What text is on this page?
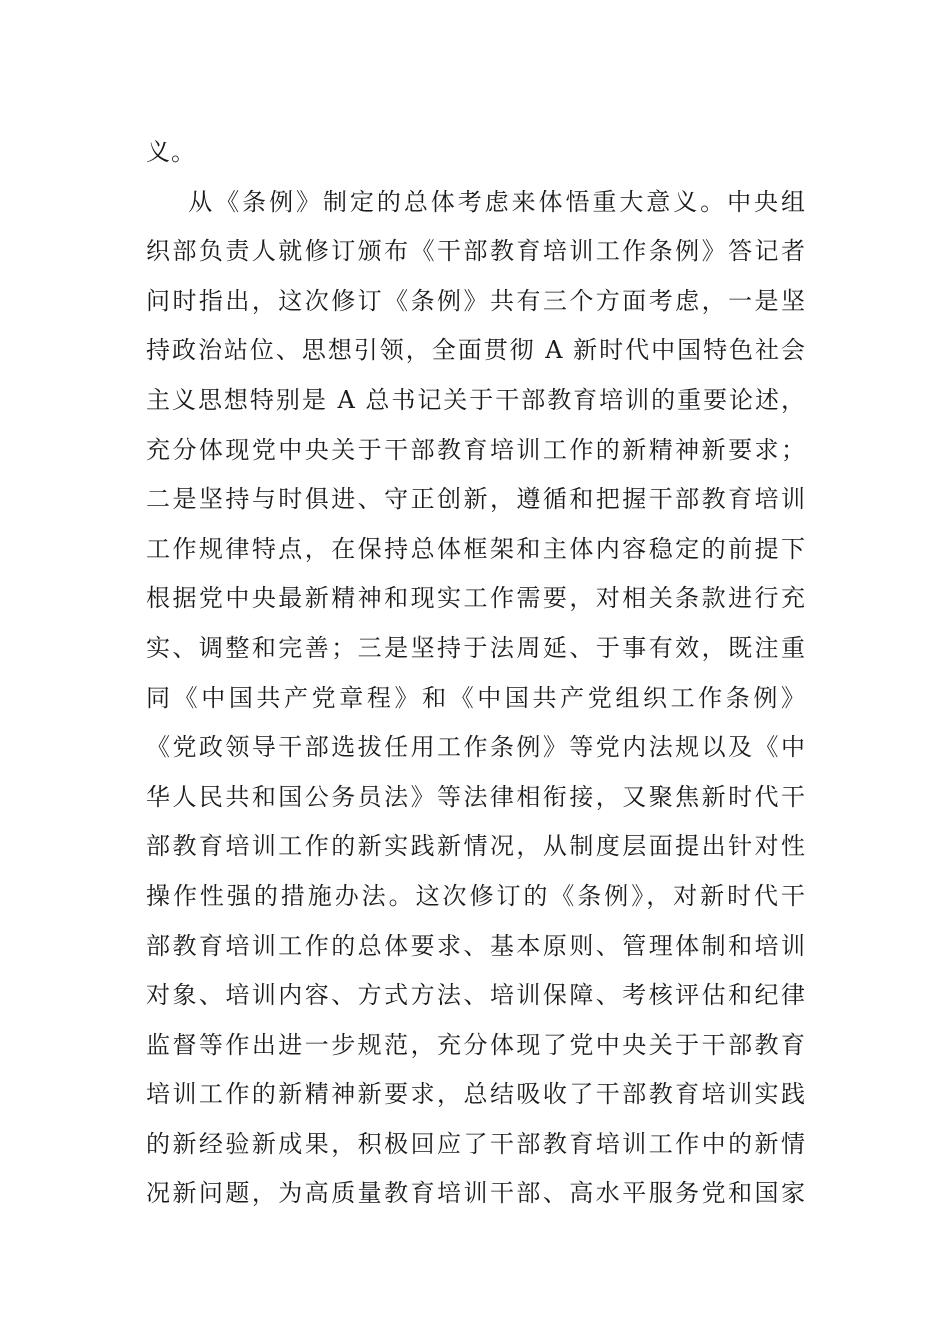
义。
从《条例》制定的总体考虑来体悟重大意义。中央组
织部负责人就修订颁布《干部教育培训工作条例》答记者
问时指出，这次修订《条例》共有三个方面考虑，一是坚
持政治站位、思想引领，全面贯彻 A 新时代中国特色社会
主义思想特别是 A 总书记关于干部教育培训的重要论述，
充分体现党中央关于干部教育培训工作的新精神新要求；
二是坚持与时俱进、守正创新，遵循和把握干部教育培训
工作规律特点，在保持总体框架和主体内容稳定的前提下
根据党中央最新精神和现实工作需要，对相关条款进行充
实、调整和完善；三是坚持于法周延、于事有效，既注重
同《中国共产党章程》和《中国共产党组织工作条例》
《党政领导干部选拔任用工作条例》等党内法规以及《中
华人民共和国公务员法》等法律相衔接，又聚焦新时代干
部教育培训工作的新实践新情况，从制度层面提出针对性
操作性强的措施办法。这次修订的《条例》，对新时代干
部教育培训工作的总体要求、基本原则、管理体制和培训
对象、培训内容、方式方法、培训保障、考核评估和纪律
监督等作出进一步规范，充分体现了党中央关于干部教育
培训工作的新精神新要求，总结吸收了干部教育培训实践
的新经验新成果，积极回应了干部教育培训工作中的新情
况新问题，为高质量教育培训干部、高水平服务党和国家
